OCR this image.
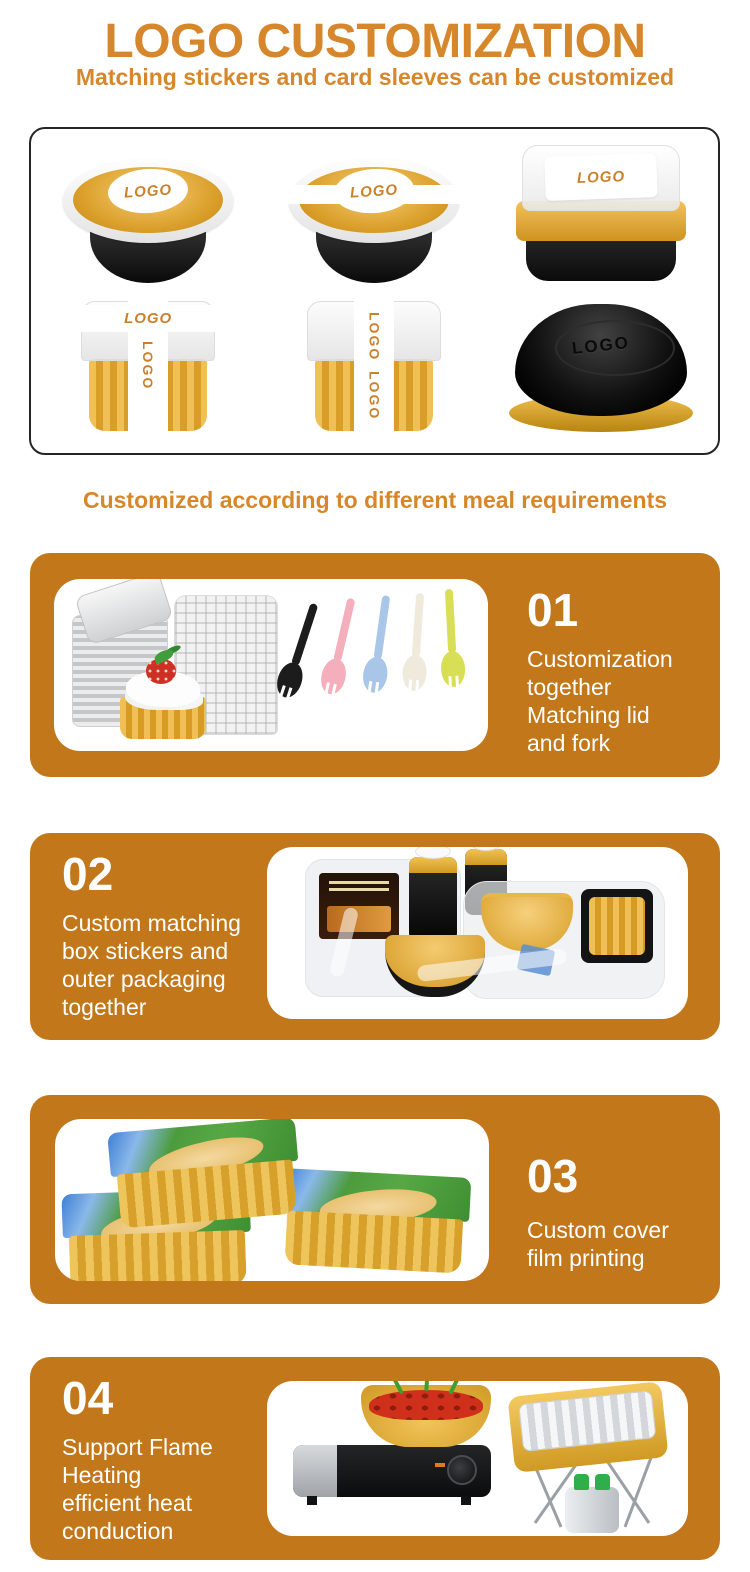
LOGO CUSTOMIZATION
Matching stickers and card sleeves can be customized
LOGO	LOGO
LOGO
LOGO
LOGO	LOGO
LOGO
LOGO
Customized according to different meal requirements
01
Customization
together
Matching lid
and fork
02
Custom matching
box stickers and
outer packaging
together
03
Custom cover
film printing
04
Support Flame
Heating
efficient heat
conduction
